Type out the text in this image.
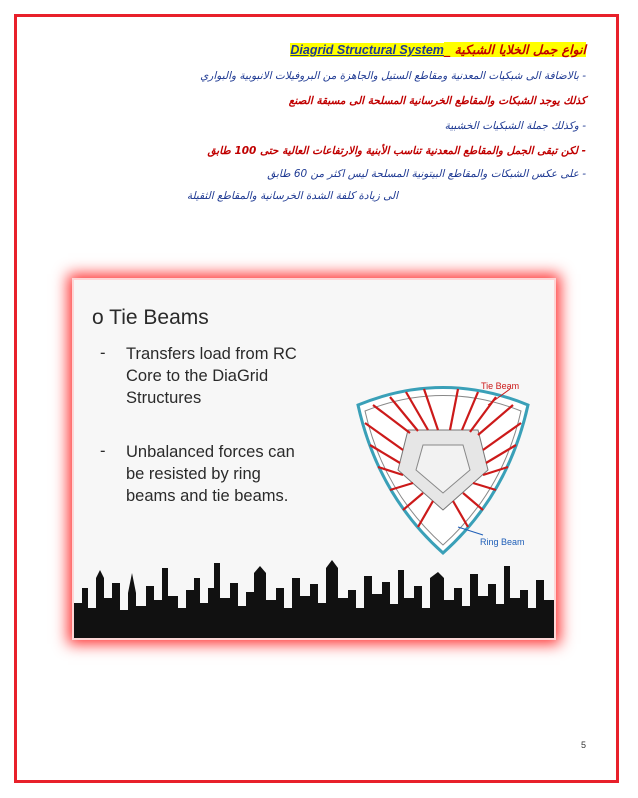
انواع جمل الخلايا الشبكية _Diagrid Structural System
- بالاضافة الى شبكيات المعدنية ومقاطع الستيل والجاهزة من البروفيلات الانبوبية والبواري
كذلك يوجد الشبكات والمقاطع الخرسانية المسلحة الى مسبقة الصنع
- وكذلك جملة الشبكيات الخشبية
- لكن تبقى الجمل والمقاطع المعدنية تناسب الأبنية والارتفاعات العالية حتى 100 طابق
- على عكس الشبكات والمقاطع البيتونية المسلحة ليس اكثر من 60 طابق
الى زيادة كلفة الشدة الخرسانية والمقاطع الثقيلة
o Tie Beams
- Transfers load from RC
Core to the DiaGrid
Structures
- Unbalanced forces can
be resisted by ring
beams and tie beams.
Tie Beam
Ring Beam
5
